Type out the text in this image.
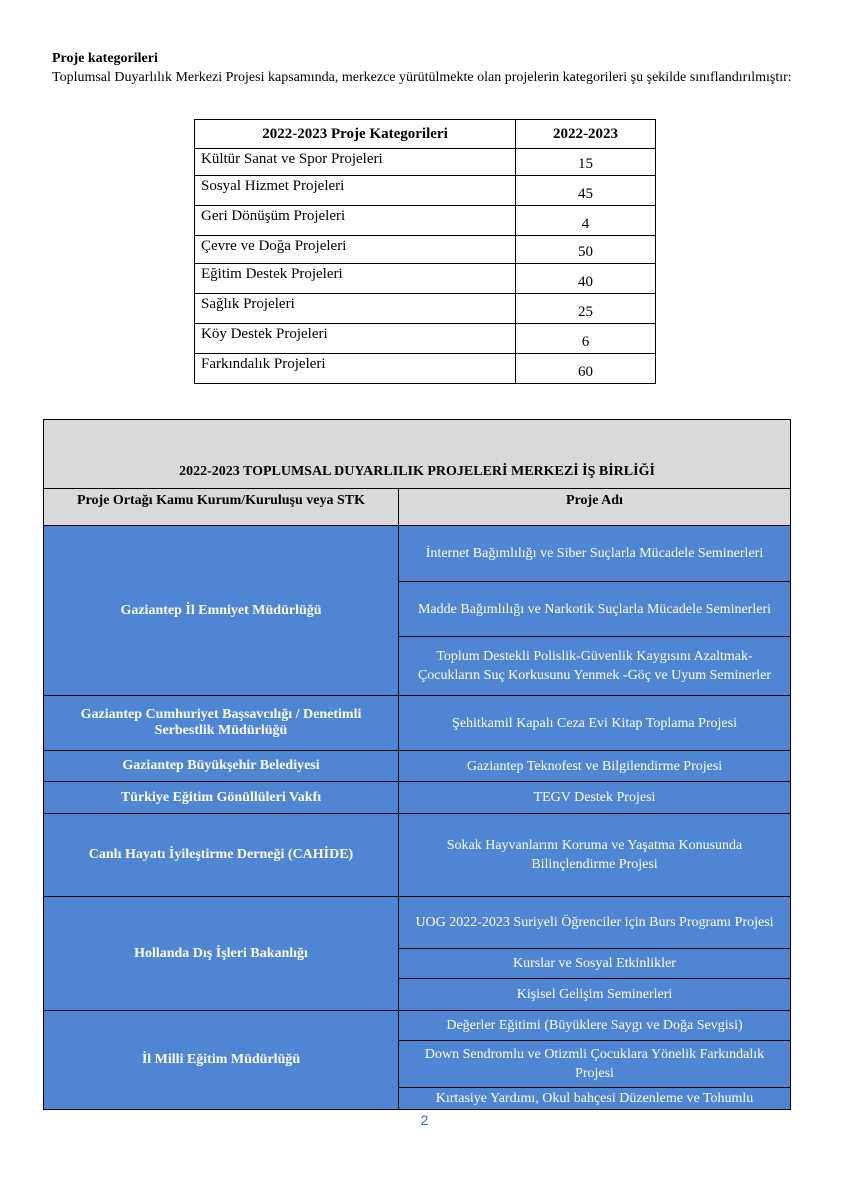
Proje kategorileri
Toplumsal Duyarlılık Merkezi Projesi kapsamında, merkezce yürütülmekte olan projelerin kategorileri şu şekilde sınıflandırılmıştır:
2022-2023 Proje Kategorileri	2022-2023
Kültür Sanat ve Spor Projeleri	15
Sosyal Hizmet Projeleri	45
Geri Dönüşüm Projeleri	4
Çevre ve Doğa Projeleri	50
Eğitim Destek Projeleri	40
Sağlık Projeleri	25
Köy Destek Projeleri	6
Farkındalık Projeleri	60
2022-2023 TOPLUMSAL DUYARLILIK PROJELERİ MERKEZİ İŞ BİRLİĞİ	
Proje Ortağı Kamu Kurum/Kuruluşu veya STK	Proje Adı
Gaziantep İl Emniyet Müdürlüğü	İnternet Bağımlılığı ve Siber Suçlarla Mücadele Seminerleri
	Madde Bağımlılığı ve Narkotik Suçlarla Mücadele Seminerleri
	Toplum Destekli Polislik-Güvenlik Kaygısını Azaltmak- Çocukların Suç Korkusunu Yenmek -Göç ve Uyum Seminerler
Gaziantep Cumhuriyet Başsavcılığı / Denetimli Serbestlik Müdürlüğü	Şehitkamil Kapalı Ceza Evi Kitap Toplama Projesi
Gaziantep Büyükşehir Belediyesi	Gaziantep Teknofest ve Bilgilendirme Projesi
Türkiye Eğitim Gönüllüleri Vakfı	TEGV Destek Projesi
Canlı Hayatı İyileştirme Derneği (CAHİDE)	Sokak Hayvanlarını Koruma ve Yaşatma Konusunda Bilinçlendirme Projesi
Hollanda Dış İşleri Bakanlığı	UOG 2022-2023 Suriyeli Öğrenciler için Burs Programı Projesi
	Kurslar ve Sosyal Etkinlikler
	Kişisel Gelişim Seminerleri
İl Milli Eğitim Müdürlüğü	Değerler Eğitimi (Büyüklere Saygı ve Doğa Sevgisi)
	Down Sendromlu ve Otizmli Çocuklara Yönelik Farkındalık Projesi
	Kırtasiye Yardımı, Okul bahçesi Düzenleme ve Tohumlu
2
